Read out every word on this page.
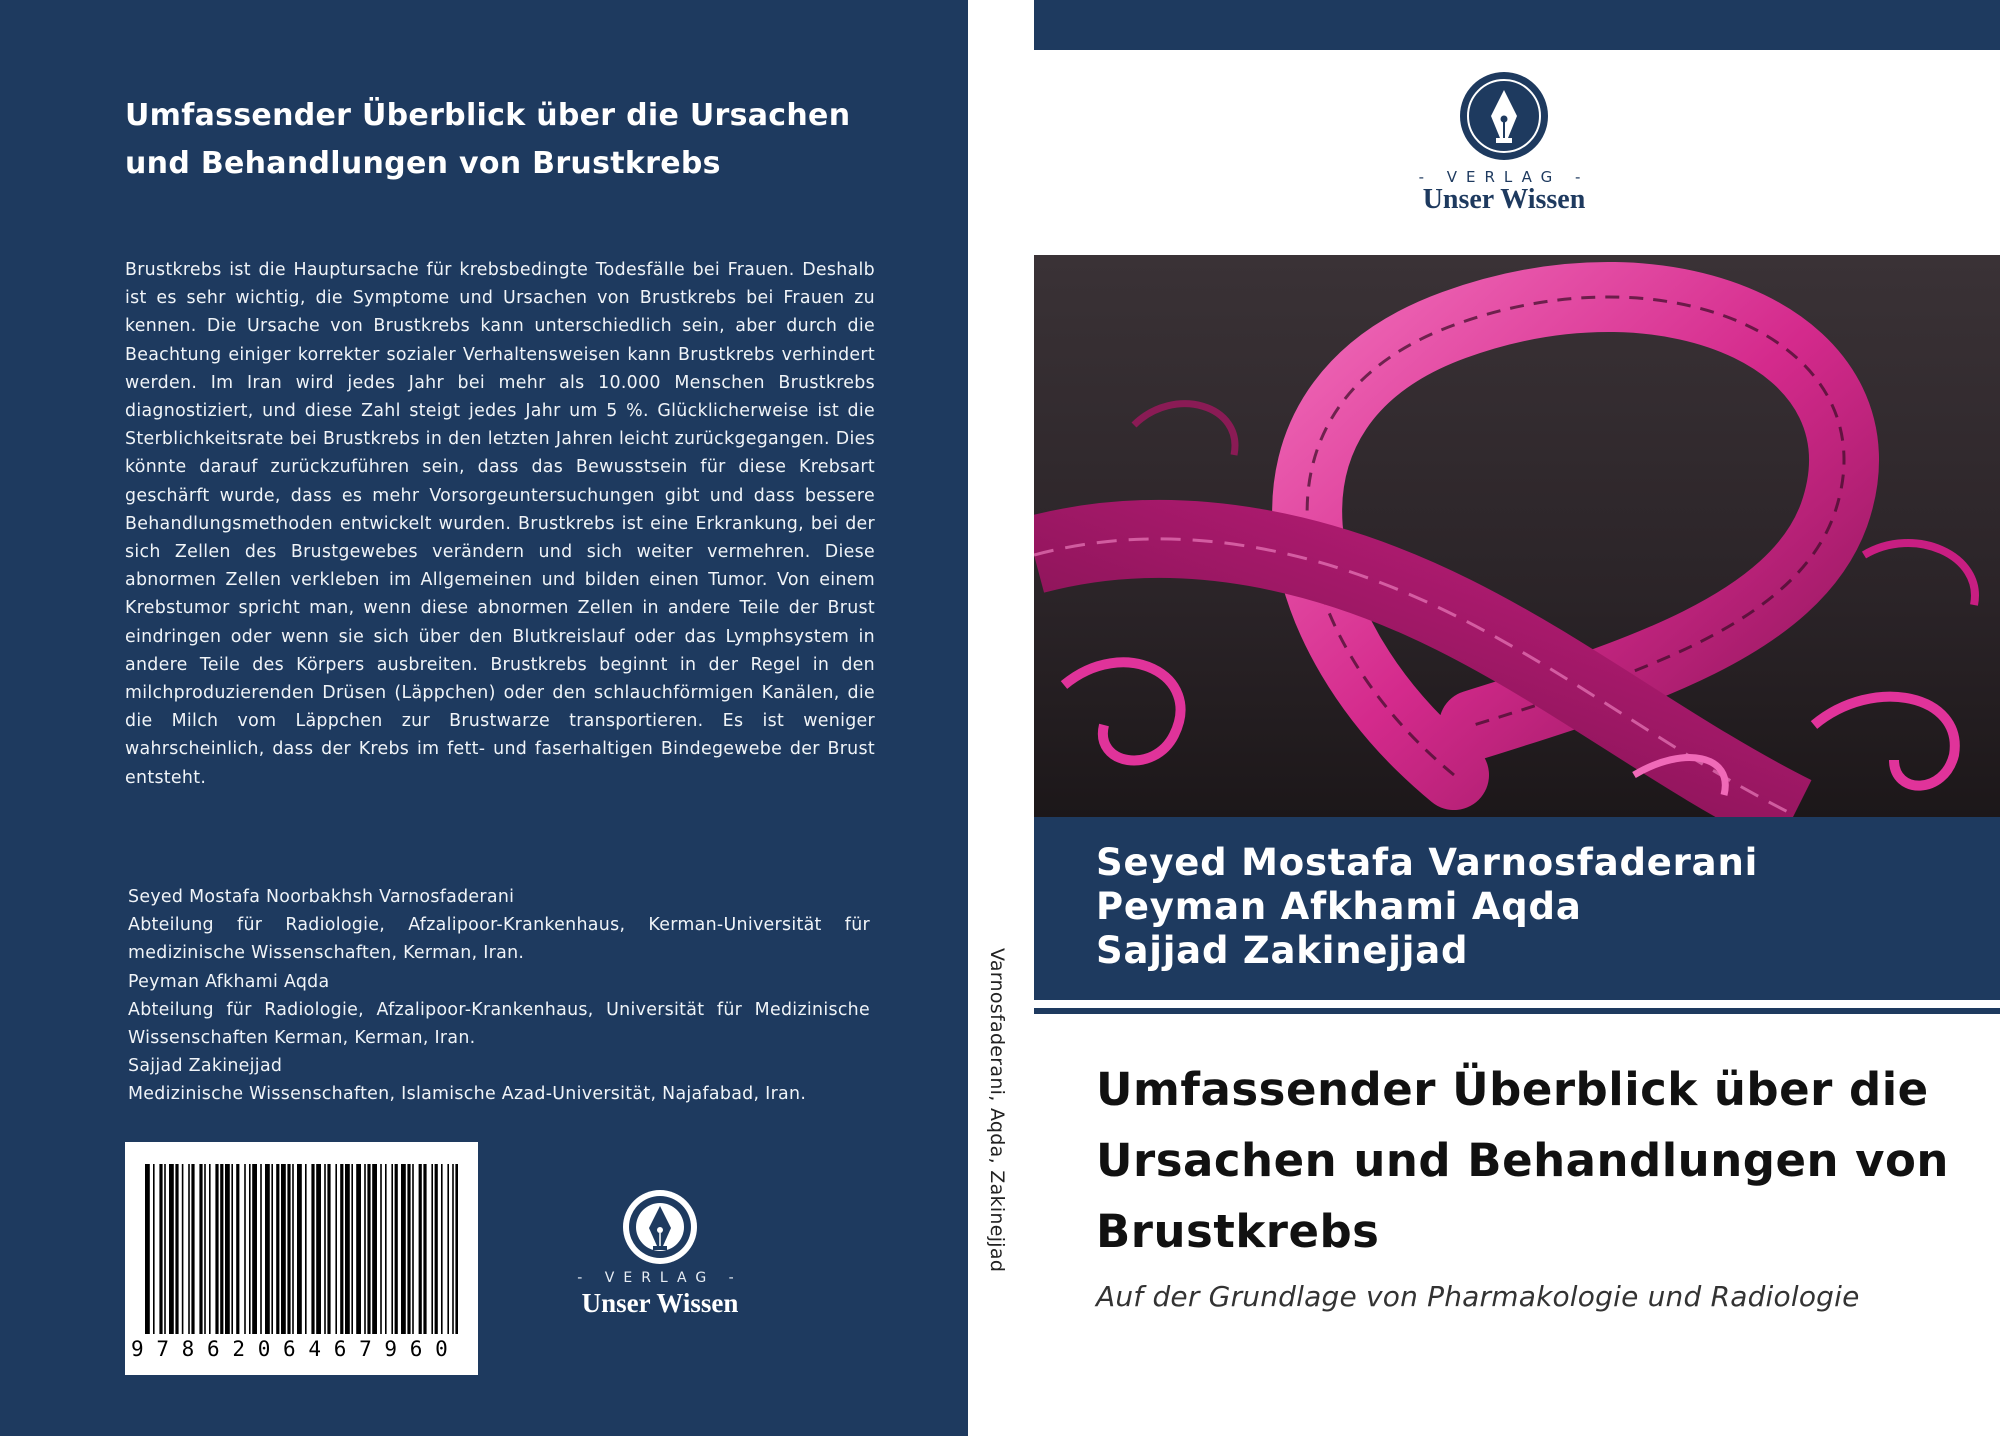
Umfassender Überblick über die Ursachen und Behandlungen von Brustkrebs

Brustkrebs ist die Hauptursache für krebsbedingte Todesfälle bei Frauen. Deshalb ist es sehr wichtig, die Symptome und Ursachen von Brustkrebs bei Frauen zu kennen. Die Ursache von Brustkrebs kann unterschiedlich sein, aber durch die Beachtung einiger korrekter sozialer Verhaltensweisen kann Brustkrebs verhindert werden. Im Iran wird jedes Jahr bei mehr als 10.000 Menschen Brustkrebs diagnostiziert, und diese Zahl steigt jedes Jahr um 5 %. Glücklicherweise ist die Sterblichkeitsrate bei Brustkrebs in den letzten Jahren leicht zurückgegangen. Dies könnte darauf zurückzuführen sein, dass das Bewusstsein für diese Krebsart geschärft wurde, dass es mehr Vorsorgeuntersuchungen gibt und dass bessere Behandlungsmethoden entwickelt wurden. Brustkrebs ist eine Erkrankung, bei der sich Zellen des Brustgewebes verändern und sich weiter vermehren. Diese abnormen Zellen verkleben im Allgemeinen und bilden einen Tumor. Von einem Krebstumor spricht man, wenn diese abnormen Zellen in andere Teile der Brust eindringen oder wenn sie sich über den Blutkreislauf oder das Lymphsystem in andere Teile des Körpers ausbreiten. Brustkrebs beginnt in der Regel in den milchproduzierenden Drüsen (Läppchen) oder den schlauchförmigen Kanälen, die die Milch vom Läppchen zur Brustwarze transportieren. Es ist weniger wahrscheinlich, dass der Krebs im fett- und faserhaltigen Bindegewebe der Brust entsteht.

Seyed Mostafa Noorbakhsh Varnosfaderani
Abteilung für Radiologie, Afzalipoor-Krankenhaus, Kerman-Universität für medizinische Wissenschaften, Kerman, Iran.
Peyman Afkhami Aqda
Abteilung für Radiologie, Afzalipoor-Krankenhaus, Universität für Medizinische Wissenschaften Kerman, Kerman, Iran.
Sajjad Zakinejjad
Medizinische Wissenschaften, Islamische Azad-Universität, Najafabad, Iran.
9786206467960
- VERLAG -
Unser Wissen
Varnosfaderani, Aqda, Zakinejjad
- VERLAG -
Unser Wissen
Seyed Mostafa Varnosfaderani
Peyman Afkhami Aqda
Sajjad Zakinejjad
Umfassender Überblick über die Ursachen und Behandlungen von Brustkrebs

Auf der Grundlage von Pharmakologie und Radiologie
